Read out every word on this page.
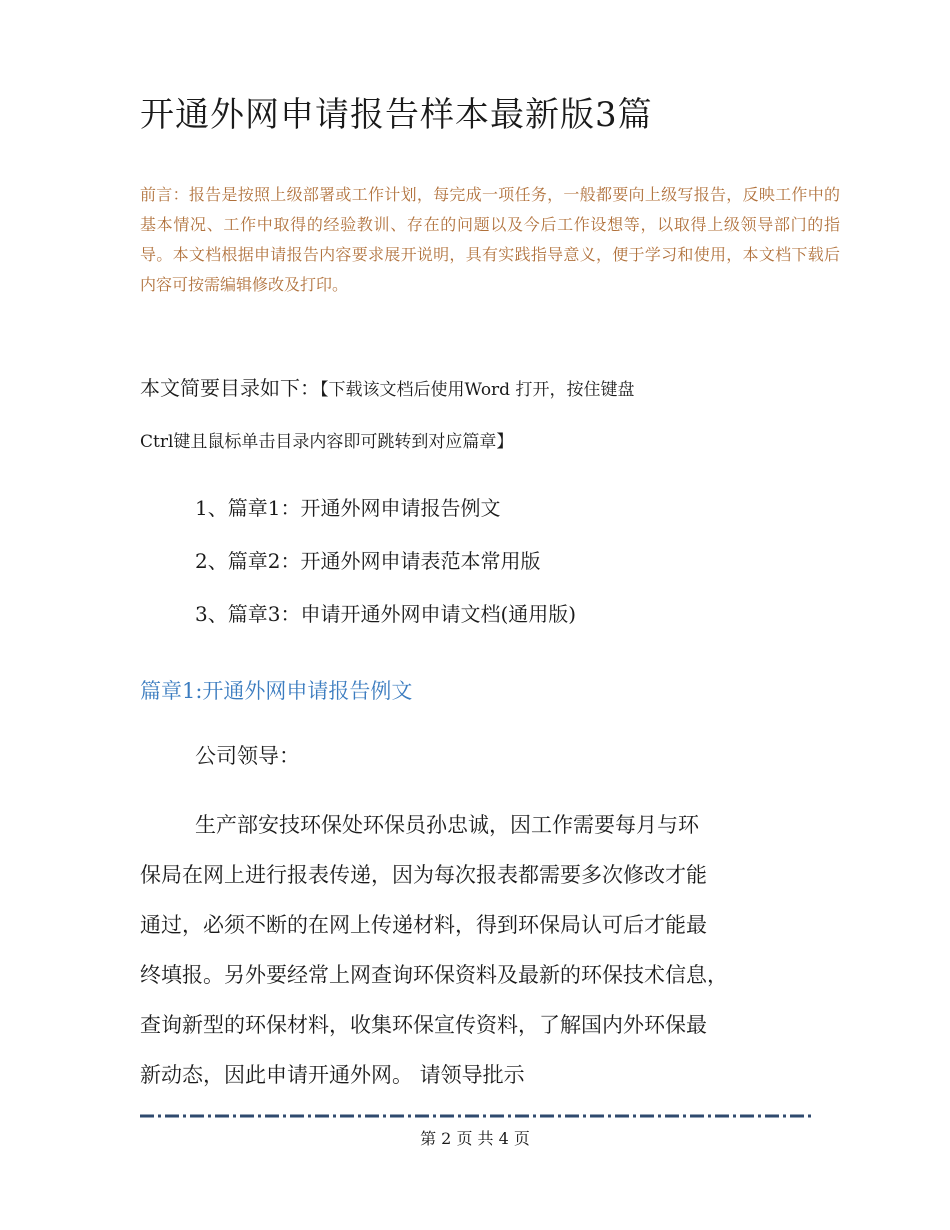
开通外网申请报告样本最新版3篇
前言：报告是按照上级部署或工作计划，每完成一项任务，一般都要向上级写报告，反映工作中的基本情况、工作中取得的经验教训、存在的问题以及今后工作设想等，以取得上级领导部门的指导。本文档根据申请报告内容要求展开说明，具有实践指导意义，便于学习和使用，本文档下载后内容可按需编辑修改及打印。
本文简要目录如下：【下载该文档后使用Word 打开，按住键盘
Ctrl键且鼠标单击目录内容即可跳转到对应篇章】
1、篇章1：开通外网申请报告例文
2、篇章2：开通外网申请表范本常用版
3、篇章3：申请开通外网申请文档(通用版)
篇章1:开通外网申请报告例文
公司领导：
生产部安技环保处环保员孙忠诚，因工作需要每月与环
保局在网上进行报表传递，因为每次报表都需要多次修改才能
通过，必须不断的在网上传递材料，得到环保局认可后才能最
终填报。另外要经常上网查询环保资料及最新的环保技术信息，
查询新型的环保材料，收集环保宣传资料，了解国内外环保最
新动态，因此申请开通外网。 请领导批示
第 2 页 共 4 页
